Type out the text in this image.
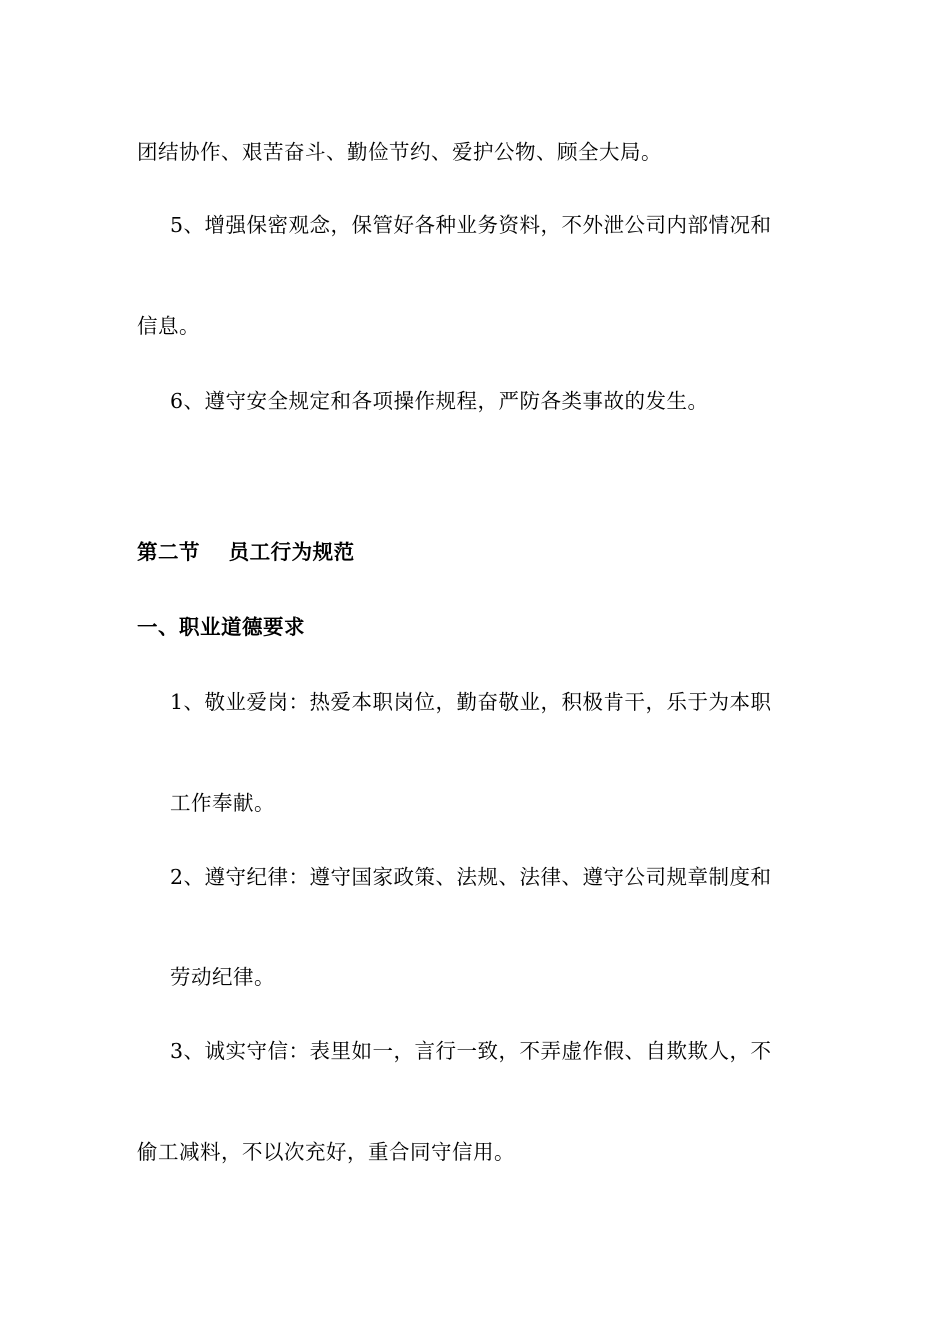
团结协作、艰苦奋斗、勤俭节约、爱护公物、顾全大局。
5、增强保密观念，保管好各种业务资料，不外泄公司内部情况和
信息。
6、遵守安全规定和各项操作规程，严防各类事故的发生。
第二节　 员工行为规范
一、职业道德要求
1、敬业爱岗：热爱本职岗位，勤奋敬业，积极肯干，乐于为本职
工作奉献。
2、遵守纪律：遵守国家政策、法规、法律、遵守公司规章制度和
劳动纪律。
3、诚实守信：表里如一，言行一致，不弄虚作假、自欺欺人，不
偷工减料，不以次充好，重合同守信用。
